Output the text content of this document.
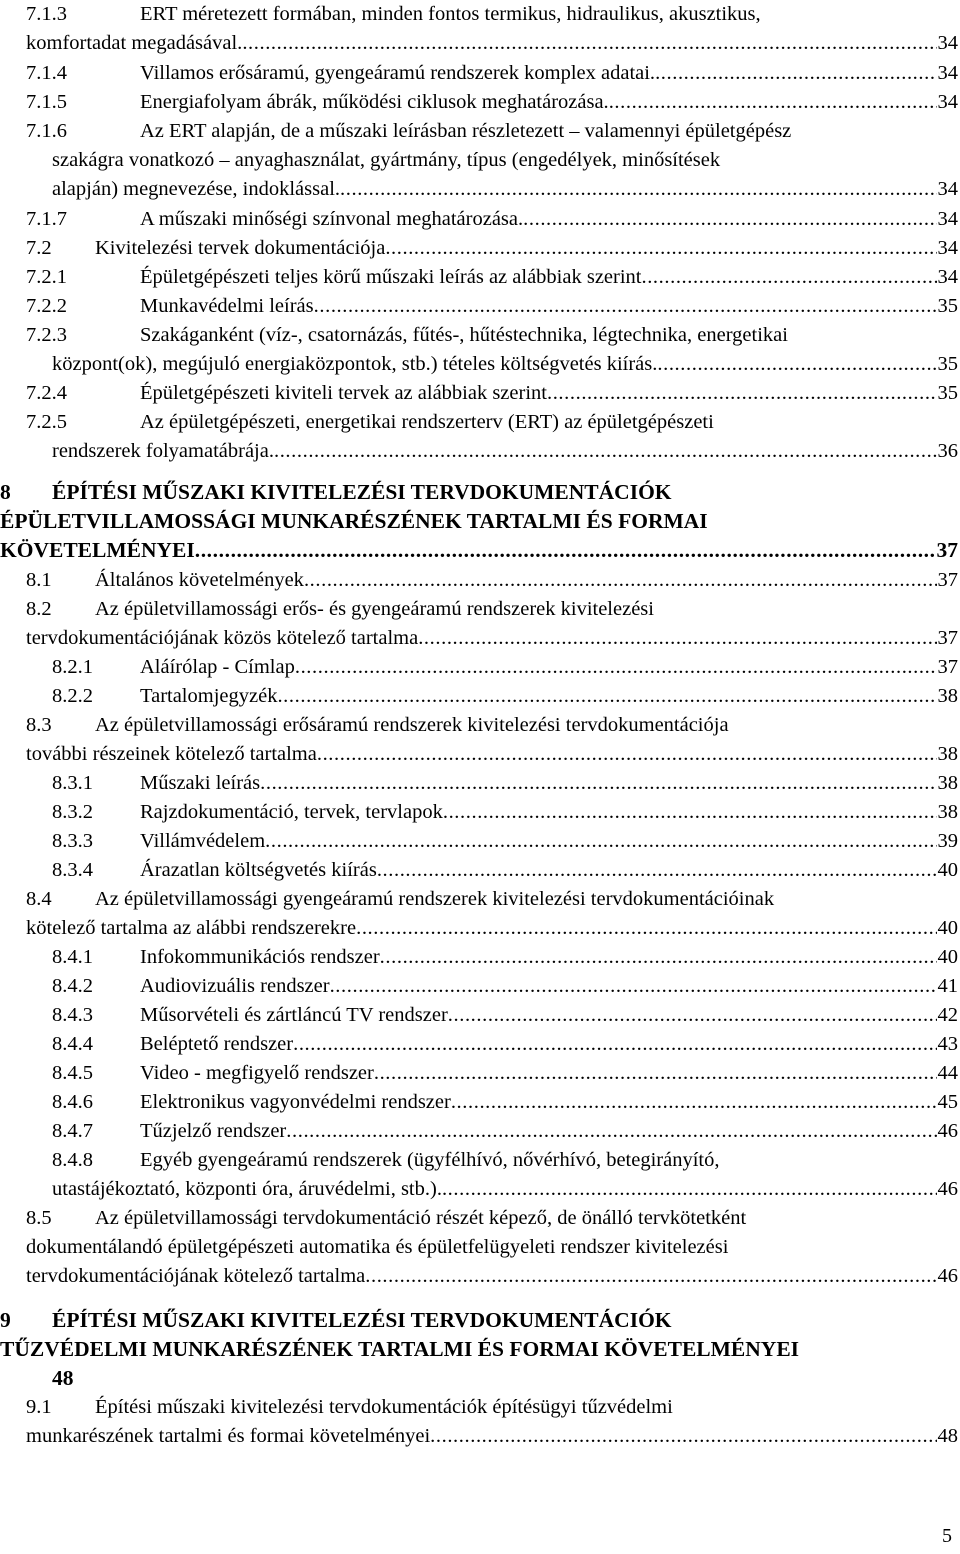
7.1.3	ERT méretezett formában, minden fontos termikus, hidraulikus, akusztikus,
komfortadat megadásával. .....	34
7.1.4	Villamos erősáramú, gyengeáramú rendszerek komplex adatai. .....	34
7.1.5	Energiafolyam ábrák, működési ciklusok meghatározása. .....	34
7.1.6	Az ERT alapján, de a műszaki leírásban részletezett – valamennyi épületgépész
szakágra vonatkozó – anyaghasználat, gyártmány, típus (engedélyek, minősítések
alapján) megnevezése, indoklással. .....	34
7.1.7	A műszaki minőségi színvonal meghatározása. .....	34
7.2 Kivitelezési tervek dokumentációja .....	34
7.2.1	Épületgépészeti teljes körű műszaki leírás az alábbiak szerint .....	34
7.2.2	Munkavédelmi leírás .....	35
7.2.3	Szakáganként (víz-, csatornázás, fűtés-, hűtéstechnika, légtechnika, energetikai
központ(ok), megújuló energiaközpontok, stb.) tételes költségvetés kiírás. .....	35
7.2.4	Épületgépészeti kiviteli tervek az alábbiak szerint .....	35
7.2.5	Az épületgépészeti, energetikai rendszerterv (ERT) az épületgépészeti
rendszerek folyamatábrája. .....	36
8 ÉPÍTÉSI MŰSZAKI KIVITELEZÉSI TERVDOKUMENTÁCIÓK
ÉPÜLETVILLAMOSSÁGI MUNKARÉSZÉNEK TARTALMI ÉS FORMAI
KÖVETELMÉNYEI .....	37
8.1 Általános követelmények .....	37
8.2 Az épületvillamossági erős- és gyengeáramú rendszerek kivitelezési
tervdokumentációjának közös kötelező tartalma .....	37
8.2.1 Aláírólap - Címlap .....	37
8.2.2 Tartalomjegyzék .....	38
8.3 Az épületvillamossági erősáramú rendszerek kivitelezési tervdokumentációja
további részeinek kötelező tartalma .....	38
8.3.1 Műszaki leírás .....	38
8.3.2 Rajzdokumentáció, tervek, tervlapok .....	38
8.3.3 Villámvédelem .....	39
8.3.4 Árazatlan költségvetés kiírás .....	40
8.4 Az épületvillamossági gyengeáramú rendszerek kivitelezési tervdokumentációinak
kötelező tartalma az alábbi rendszerekre .....	40
8.4.1 Infokommunikációs rendszer .....	40
8.4.2 Audiovizuális rendszer .....	41
8.4.3 Műsorvételi és zártláncú TV rendszer .....	42
8.4.4 Beléptető rendszer .....	43
8.4.5 Video - megfigyelő rendszer .....	44
8.4.6 Elektronikus vagyonvédelmi rendszer .....	45
8.4.7 Tűzjelző rendszer .....	46
8.4.8 Egyéb gyengeáramú rendszerek (ügyfélhívó, nővérhívó, betegirányító,
utastájékoztató, központi óra, áruvédelmi, stb.). .....	46
8.5 Az épületvillamossági tervdokumentáció részét képező, de önálló tervkötetként
dokumentálandó épületgépészeti automatika és épületfelügyeleti rendszer kivitelezési
tervdokumentációjának kötelező tartalma .....	46
9 ÉPÍTÉSI MŰSZAKI KIVITELEZÉSI TERVDOKUMENTÁCIÓK
TŰZVÉDELMI MUNKARÉSZÉNEK TARTALMI ÉS FORMAI KÖVETELMÉNYEI
48
9.1 Építési műszaki kivitelezési tervdokumentációk építésügyi tűzvédelmi
munkarészének tartalmi és formai követelményei .....	48
5
